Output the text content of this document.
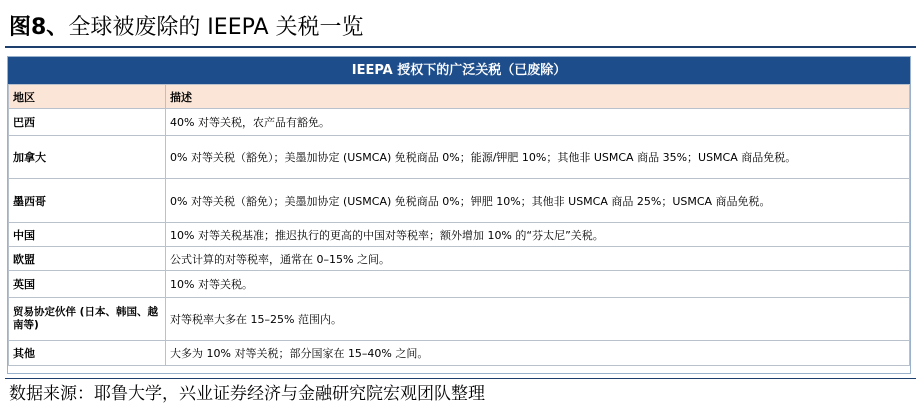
图8、全球被废除的 IEEPA 关税一览
IEEPA 授权下的广泛关税（已废除）
地区	描述
巴西	40% 对等关税，农产品有豁免。
加拿大	0% 对等关税（豁免）；美墨加协定 (USMCA) 免税商品 0%；能源/钾肥 10%；其他非 USMCA 商品 35%；USMCA 商品免税。
墨西哥	0% 对等关税（豁免）；美墨加协定 (USMCA) 免税商品 0%；钾肥 10%；其他非 USMCA 商品 25%；USMCA 商品免税。
中国	10% 对等关税基准；推迟执行的更高的中国对等税率；额外增加 10% 的“芬太尼”关税。
欧盟	公式计算的对等税率，通常在 0–15% 之间。
英国	10% 对等关税。
贸易协定伙伴 (日本、韩国、越南等)	对等税率大多在 15–25% 范围内。
其他	大多为 10% 对等关税；部分国家在 15–40% 之间。
数据来源：耶鲁大学，兴业证券经济与金融研究院宏观团队整理
